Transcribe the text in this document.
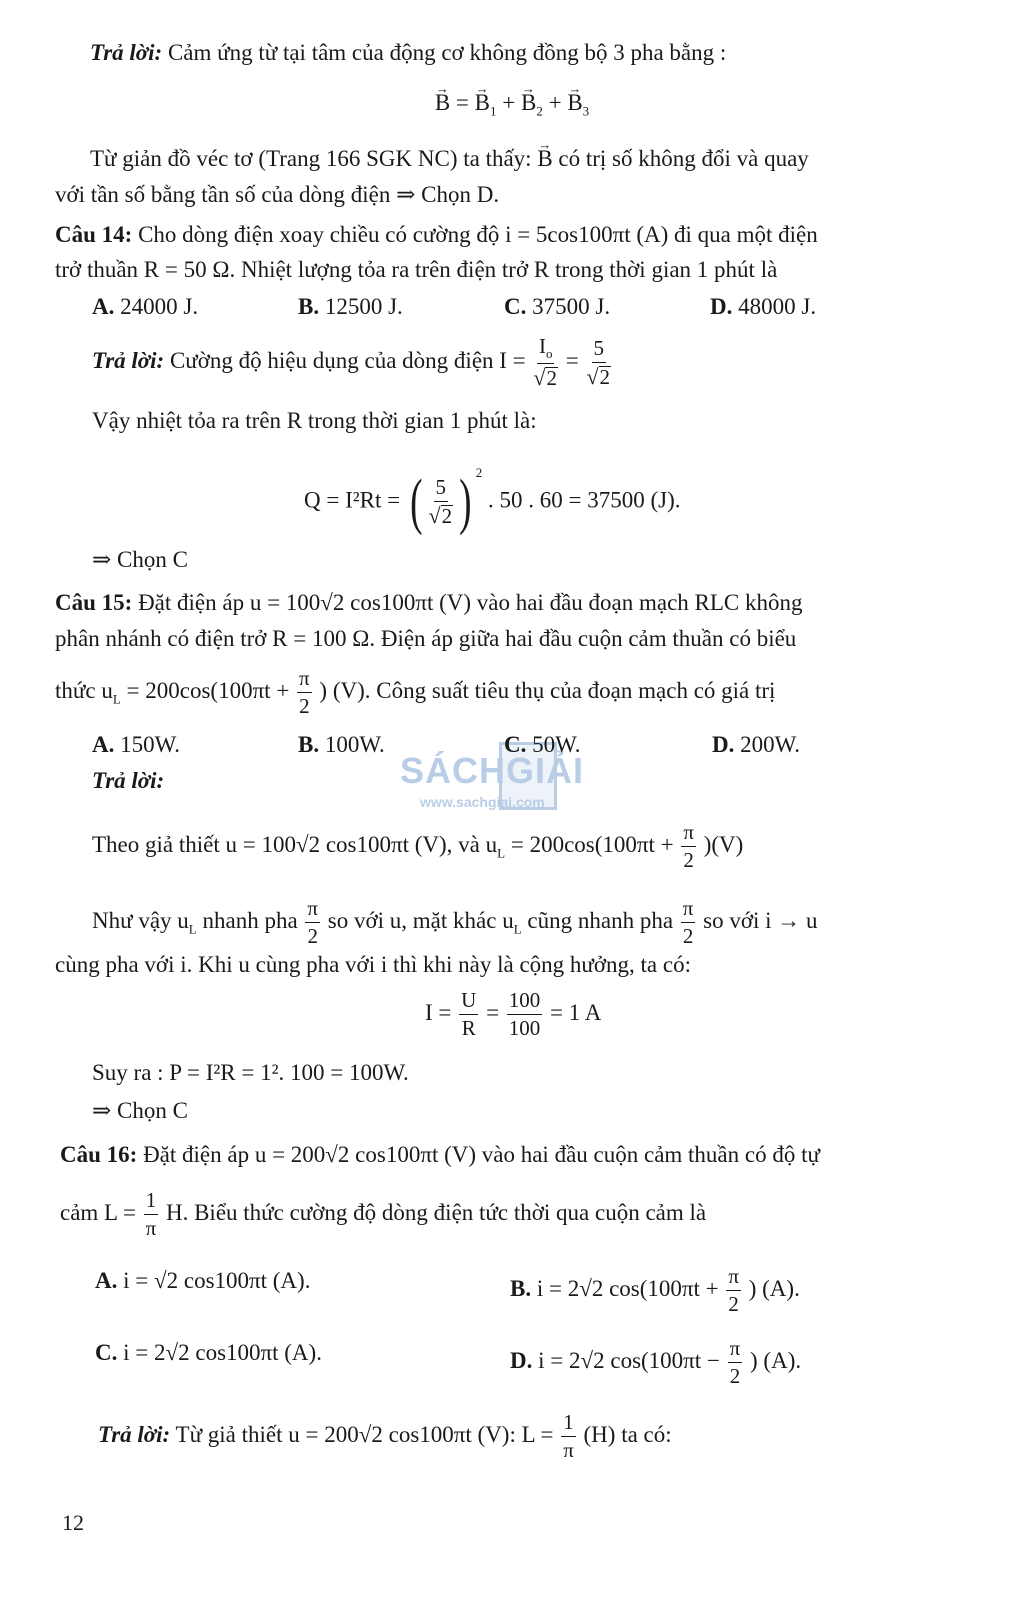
SÁCHGIẢI
www.sachgiai.com
Trả lời: Cảm ứng từ tại tâm của động cơ không đồng bộ 3 pha bằng :
→ B = → $B_1$ + → $B_2$ + → $B_3$
Từ giản đồ véc tơ (Trang 166 SGK NC) ta thấy: → B có trị số không đổi và quay
với tần số bằng tần số của dòng điện ⇒ Chọn D.
Câu 14: Cho dòng điện xoay chiều có cường độ i = 5cos100πt (A) đi qua một điện
trở thuần R = 50 Ω. Nhiệt lượng tỏa ra trên điện trở R trong thời gian 1 phút là
A. 24000 J.	B. 12500 J.	C. 37500 J.	D. 48000 J.
Trả lời: Cường độ hiệu dụng của dòng điện $I = \frac{I_o}{√ 2} = \frac{5}{√ 2}$
Vậy nhiệt tỏa ra trên R trong thời gian 1 phút là:
Q = I²Rt = ( $\frac{5}{√ 2}$ ) $^2$ . 50 . 60 = 37500 (J).
⇒ Chọn C
Câu 15: Đặt điện áp u = 100√2 cos100πt (V) vào hai đầu đoạn mạch RLC không
phân nhánh có điện trở R = 100 Ω. Điện áp giữa hai đầu cuộn cảm thuần có biểu
thức $u_L = 200\cos(100\pi t + \frac{\pi}{2}$ ) (V). Công suất tiêu thụ của đoạn mạch có giá trị
A. 150W.	B. 100W.	C. 50W.	D. 200W.
Trả lời:
Theo giả thiết u = 100√2 cos100πt (V), và $u_L = 200\cos(100\pi t + \frac{\pi}{2} )(V)$
Như vậy $u_L$ nhanh pha $\frac{\pi}{2}$ so với u, mặt khác $u_L$ cũng nhanh pha $\frac{\pi}{2}$ so với i → u
cùng pha với i. Khi u cùng pha với i thì khi này là cộng hưởng, ta có:
$I = \frac{U}{R} = \frac{100}{100} = 1$ A
Suy ra : P = I²R = 1². 100 = 100W.
⇒ Chọn C
Câu 16: Đặt điện áp u = 200√2 cos100πt (V) vào hai đầu cuộn cảm thuần có độ tự
cảm $L = \frac{1}{\pi} H$. Biểu thức cường độ dòng điện tức thời qua cuộn cảm là
A. i = √2 cos100πt (A).	B. i = 2√2 $\cos(100\pi t + \frac{\pi}{2}$ ) (A).
C. i = 2√2 cos100πt (A).	D. i = 2√2 $\cos(100\pi t - \frac{\pi}{2}$ ) (A).
Trả lời: Từ giả thiết u = 200√2 cos100πt (V): $L = \frac{1}{\pi} (H)$ ta có:
12
